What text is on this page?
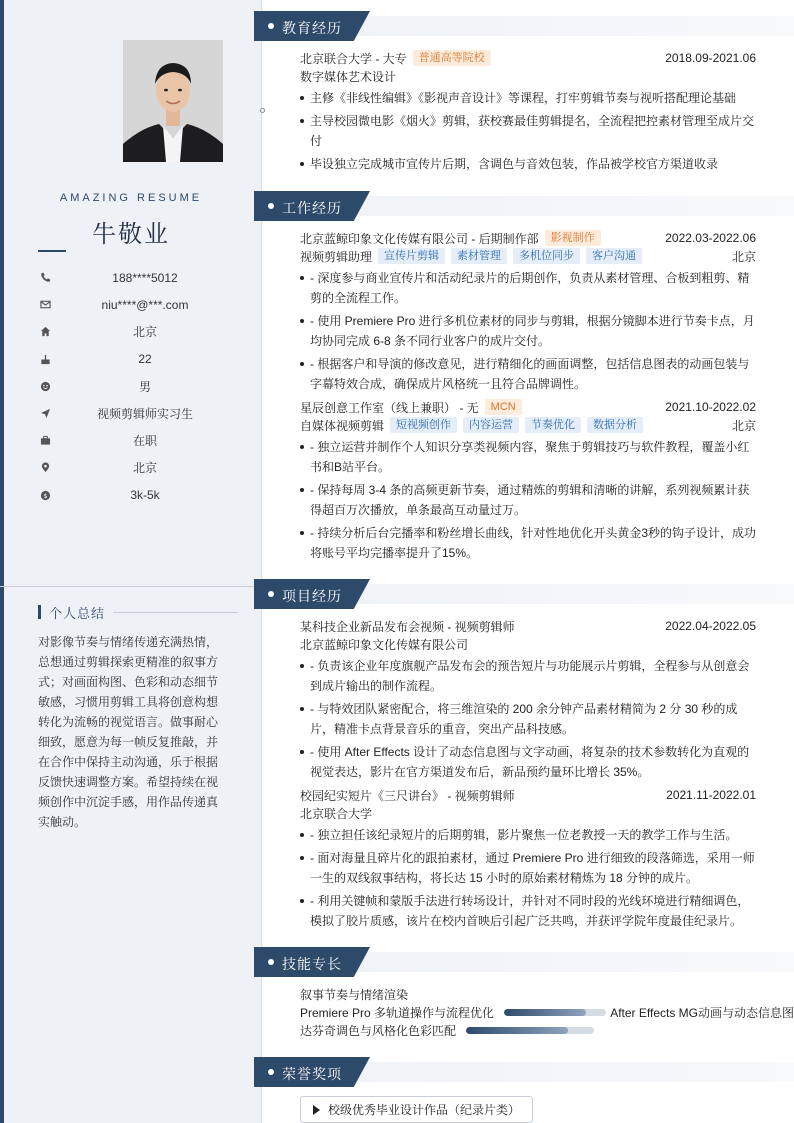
AMAZING RESUME
牛敬业
188****5012
niu****@***.com
北京
22
男
视频剪辑师实习生
在职
北京
$	3k-5k
个人总结
对影像节奏与情绪传递充满热情，总想通过剪辑探索更精准的叙事方式；对画面构图、色彩和动态细节敏感，习惯用剪辑工具将创意构想转化为流畅的视觉语言。做事耐心细致，愿意为每一帧反复推敲，并在合作中保持主动沟通，乐于根据反馈快速调整方案。希望持续在视频创作中沉淀手感，用作品传递真实触动。
教育经历
北京联合大学 - 大专	普通高等院校	2018.09-2021.06
数字媒体艺术设计
主修《非线性编辑》《影视声音设计》等课程，打牢剪辑节奏与视听搭配理论基础
主导校园微电影《烟火》剪辑，获校赛最佳剪辑提名，全流程把控素材管理至成片交付
毕设独立完成城市宣传片后期，含调色与音效包装，作品被学校官方渠道收录
工作经历
北京蓝鲸印象文化传媒有限公司 - 后期制作部	影视制作	2022.03-2022.06
视频剪辑助理	宣传片剪辑	素材管理	多机位同步	客户沟通	北京
- 深度参与商业宣传片和活动纪录片的后期创作，负责从素材管理、合板到粗剪、精剪的全流程工作。
- 使用 Premiere Pro 进行多机位素材的同步与剪辑，根据分镜脚本进行节奏卡点，月均协同完成 6-8 条不同行业客户的成片交付。
- 根据客户和导演的修改意见，进行精细化的画面调整，包括信息图表的动画包装与字幕特效合成，确保成片风格统一且符合品牌调性。
星辰创意工作室（线上兼职） - 无	MCN	2021.10-2022.02
自媒体视频剪辑	短视频创作	内容运营	节奏优化	数据分析	北京
- 独立运营并制作个人知识分享类视频内容，聚焦于剪辑技巧与软件教程，覆盖小红书和B站平台。
- 保持每周 3-4 条的高频更新节奏，通过精炼的剪辑和清晰的讲解，系列视频累计获得超百万次播放，单条最高互动量过万。
- 持续分析后台完播率和粉丝增长曲线，针对性地优化开头黄金3秒的钩子设计，成功将账号平均完播率提升了15%。
项目经历
某科技企业新品发布会视频 - 视频剪辑师	2022.04-2022.05
北京蓝鲸印象文化传媒有限公司
- 负责该企业年度旗舰产品发布会的预告短片与功能展示片剪辑，全程参与从创意会到成片输出的制作流程。
- 与特效团队紧密配合，将三维渲染的 200 余分钟产品素材精简为 2 分 30 秒的成片，精准卡点背景音乐的重音，突出产品科技感。
- 使用 After Effects 设计了动态信息图与文字动画，将复杂的技术参数转化为直观的视觉表达，影片在官方渠道发布后，新品预约量环比增长 35%。
校园纪实短片《三尺讲台》 - 视频剪辑师	2021.11-2022.01
北京联合大学
- 独立担任该纪录短片的后期剪辑，影片聚焦一位老教授一天的教学工作与生活。
- 面对海量且碎片化的跟拍素材，通过 Premiere Pro 进行细致的段落筛选，采用一师一生的双线叙事结构，将长达 15 小时的原始素材精炼为 18 分钟的成片。
- 利用关键帧和蒙版手法进行转场设计，并针对不同时段的光线环境进行精细调色，模拟了胶片质感，该片在校内首映后引起广泛共鸣，并获评学院年度最佳纪录片。
技能专长
叙事节奏与情绪渲染
Premiere Pro 多轨道操作与流程优化	After Effects MG动画与动态信息图
达芬奇调色与风格化色彩匹配
荣誉奖项
校级优秀毕业设计作品（纪录片类）
